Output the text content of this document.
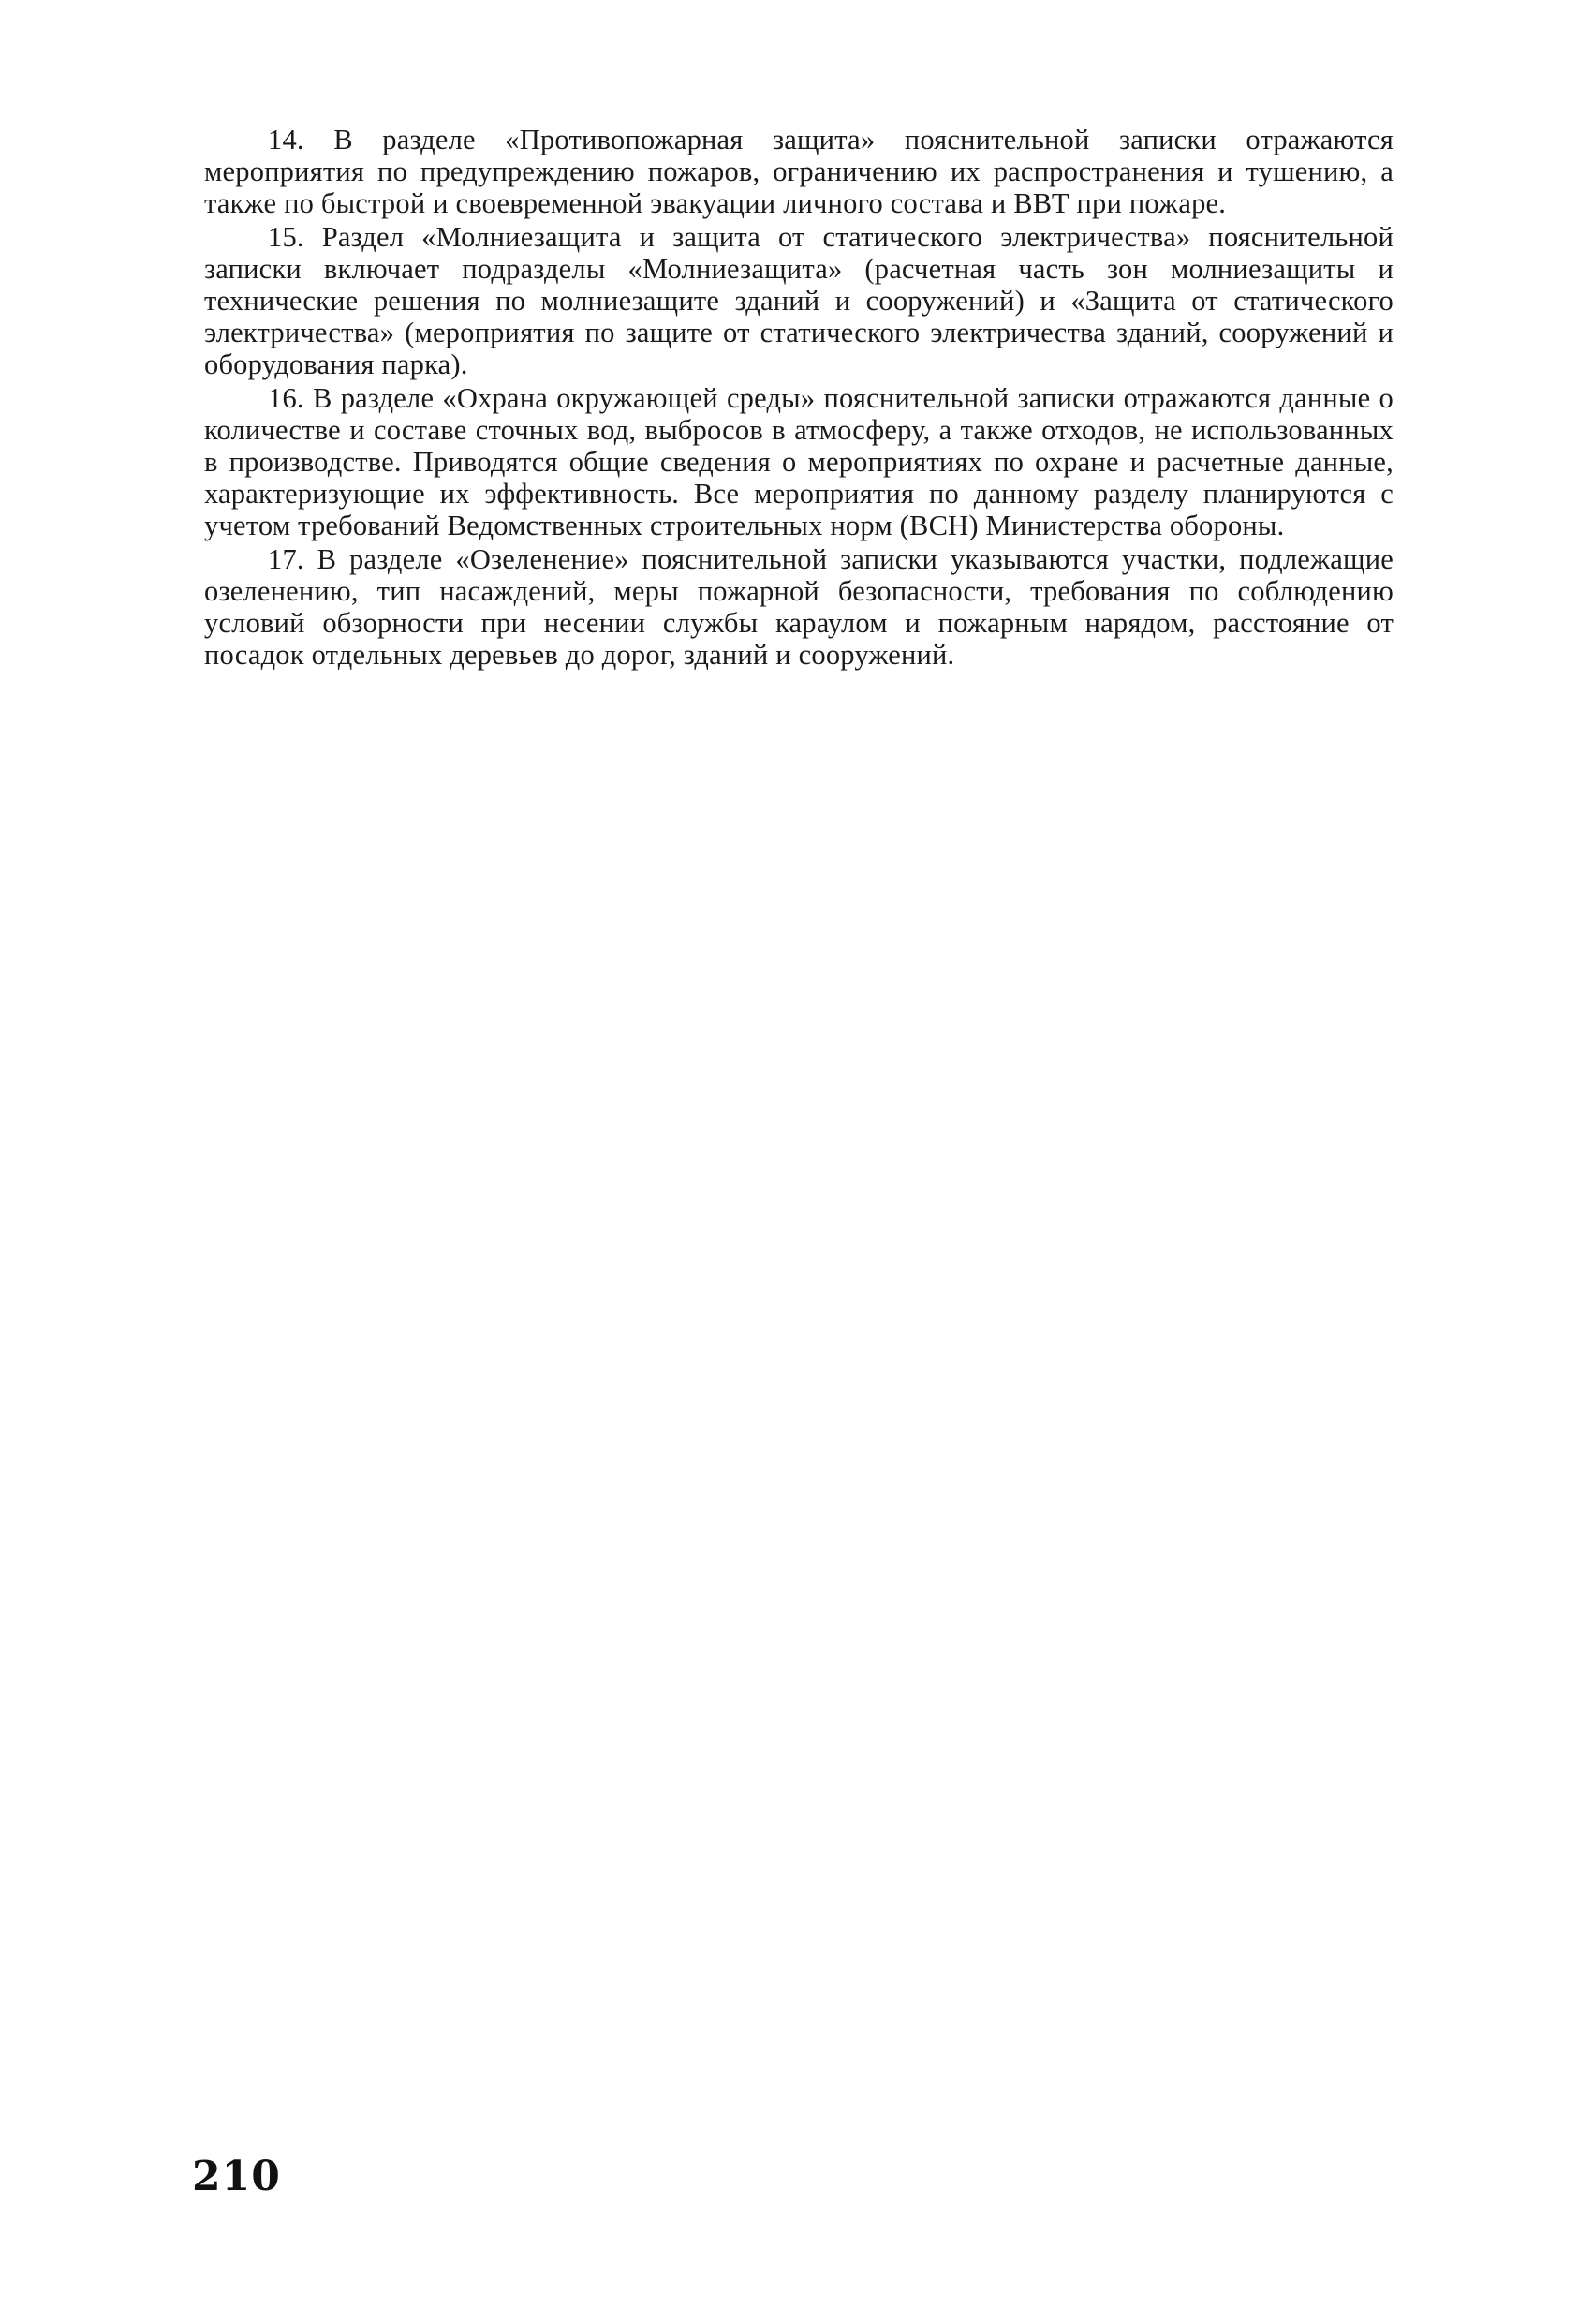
14. В разделе «Противопожарная защита» пояснительной записки отражаются мероприятия по предупреждению пожаров, ограничению их распространения и тушению, а также по быстрой и своевременной эвакуации личного состава и ВВТ при пожаре.

15. Раздел «Молниезащита и защита от статического электричества» пояснительной записки включает подразделы «Молниезащита» (расчетная часть зон молниезащиты и технические решения по молниезащите зданий и сооружений) и «Защита от статического электричества» (мероприятия по защите от статического электричества зданий, сооружений и оборудования парка).

16. В разделе «Охрана окружающей среды» пояснительной записки отражаются данные о количестве и составе сточных вод, выбросов в атмосферу, а также отходов, не использованных в производстве. Приводятся общие сведения о мероприятиях по охране и расчетные данные, характеризующие их эффективность. Все мероприятия по данному разделу планируются с учетом требований Ведомственных строительных норм (ВСН) Министерства обороны.

17. В разделе «Озеленение» пояснительной записки указываются участки, подлежащие озеленению, тип насаждений, меры пожарной безопасности, требования по соблюдению условий обзорности при несении службы караулом и пожарным нарядом, расстояние от посадок отдельных деревьев до дорог, зданий и сооружений.

210
